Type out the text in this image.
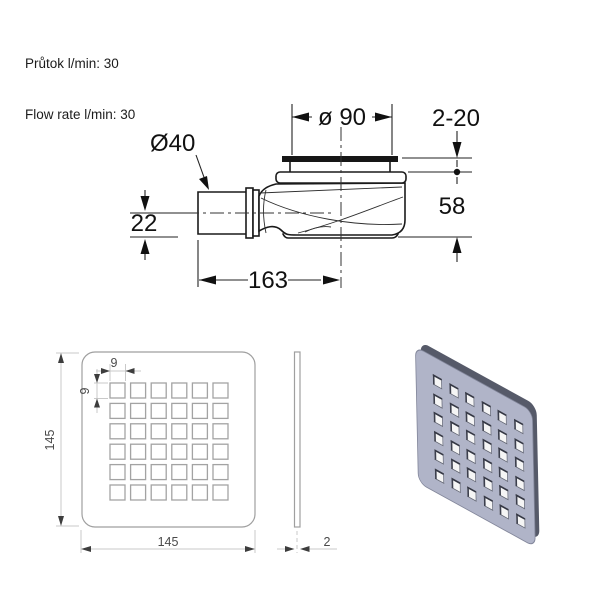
Průtok l/min: 30

Flow rate l/min: 30

	ø 90	2-20
58
22
Ø40
163
145
145
9
9
2
